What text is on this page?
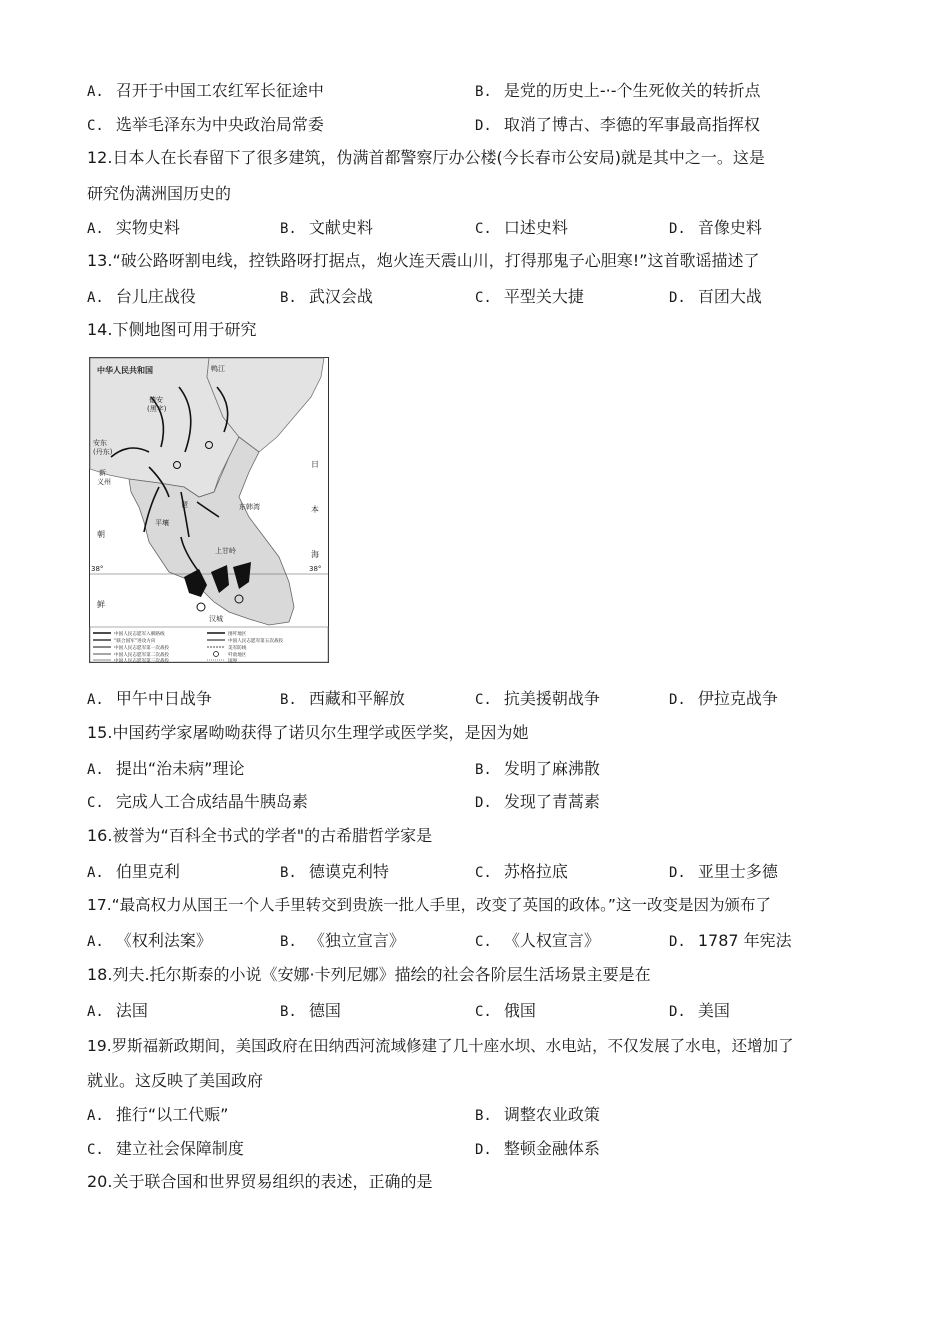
A. 召开于中国工农红军长征途中	B. 是党的历史上-·-个生死攸关的转折点
C. 选举毛泽东为中央政治局常委	D. 取消了博古、李德的军事最高指挥权
12.日本人在长春留下了很多建筑，伪满首都警察厅办公楼(今长春市公安局)就是其中之一。这是
研究伪满洲国历史的
A. 实物史料	B. 文献史料	C. 口述史料	D. 音像史料
13.“破公路呀割电线，控铁路呀打据点，炮火连天震山川，打得那鬼子心胆寒!”这首歌谣描述了
A. 台儿庄战役	B. 武汉会战	C. 平型关大捷	D. 百团大战
14.下侧地图可用于研究
中华人民共和国	鸭江
德安
(黑字)
安东
(丹东)
新
义州
平壤
东韩湾
日
本
海
朝
鲜
38°	38°
上甘岭
汉城
琶
中国人民志愿军入朝路线
“联合国军”进攻方向
中国人民志愿军第一次战役
中国人民志愿军第二次战役
中国人民志愿军第三次战役
围歼地区
中国人民志愿军第五次战役
美军防线
歼敌地区
国界
A. 甲午中日战争	B. 西藏和平解放	C. 抗美援朝战争	D. 伊拉克战争
15.中国药学家屠呦呦获得了诺贝尔生理学或医学奖，是因为她
A. 提出“治未病”理论	B. 发明了麻沸散
C. 完成人工合成结晶牛胰岛素	D. 发现了青蒿素
16.被誉为“百科全书式的学者"的古希腊哲学家是
A. 伯里克利	B. 德谟克利特	C. 苏格拉底	D. 亚里士多德
17.“最高权力从国王一个人手里转交到贵族一批人手里，改变了英国的政体。”这一改变是因为颁布了
A. 《权利法案》	B. 《独立宣言》	C. 《人权宣言》	D. 1787 年宪法
18.列夫.托尔斯泰的小说《安娜·卡列尼娜》描绘的社会各阶层生活场景主要是在
A. 法国	B. 德国	C. 俄国	D. 美国
19.罗斯福新政期间，美国政府在田纳西河流域修建了几十座水坝、水电站，不仅发展了水电，还增加了
就业。这反映了美国政府
A. 推行“以工代赈”	B. 调整农业政策
C. 建立社会保障制度	D. 整顿金融体系
20.关于联合国和世界贸易组织的表述，正确的是
